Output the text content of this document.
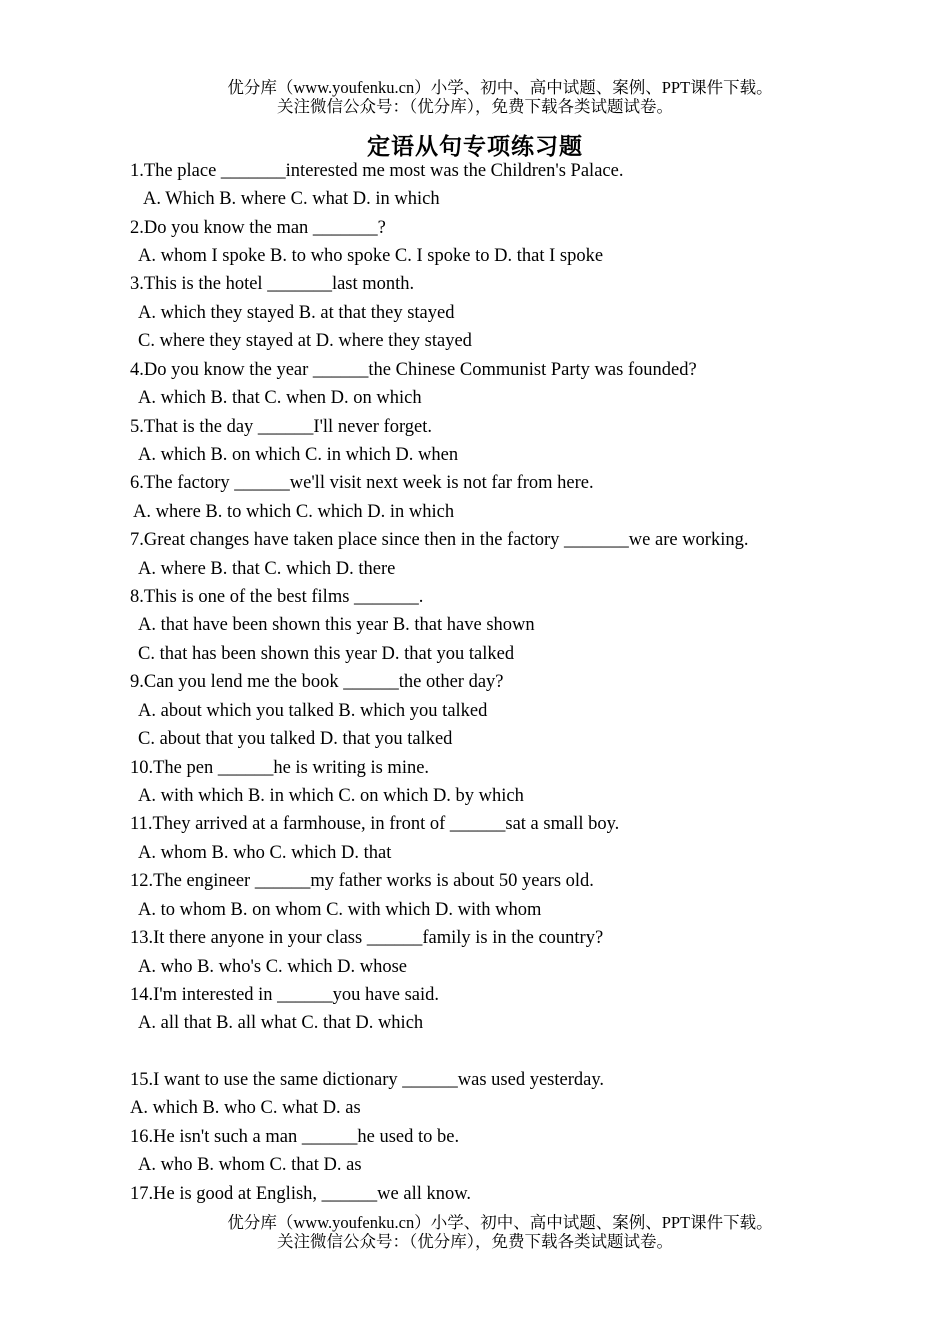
优分库（www.youfenku.cn）小学、初中、高中试题、案例、PPT课件下载。
关注微信公众号：（优分库），免费下载各类试题试卷。
定语从句专项练习题
1.The place _______interested me most was the Children's Palace.
A. Which B. where C. what D. in which
2.Do you know the man _______?
A. whom I spoke B. to who spoke C. I spoke to D. that I spoke
3.This is the hotel _______last month.
A. which they stayed B. at that they stayed
C. where they stayed at D. where they stayed
4.Do you know the year ______the Chinese Communist Party was founded?
A. which B. that C. when D. on which
5.That is the day ______I'll never forget.
A. which B. on which C. in which D. when
6.The factory ______we'll visit next week is not far from here.
A. where B. to which C. which D. in which
7.Great changes have taken place since then in the factory _______we are working.
A. where B. that C. which D. there
8.This is one of the best films _______.
A. that have been shown this year B. that have shown
C. that has been shown this year D. that you talked
9.Can you lend me the book ______the other day?
A. about which you talked B. which you talked
C. about that you talked D. that you talked
10.The pen ______he is writing is mine.
A. with which B. in which C. on which D. by which
11.They arrived at a farmhouse, in front of ______sat a small boy.
A. whom B. who C. which D. that
12.The engineer ______my father works is about 50 years old.
A. to whom B. on whom C. with which D. with whom
13.It there anyone in your class ______family is in the country?
A. who B. who's C. which D. whose
14.I'm interested in ______you have said.
A. all that B. all what C. that D. which
15.I want to use the same dictionary ______was used yesterday.
A. which B. who C. what D. as
16.He isn't such a man ______he used to be.
A. who B. whom C. that D. as
17.He is good at English, ______we all know.
优分库（www.youfenku.cn）小学、初中、高中试题、案例、PPT课件下载。
关注微信公众号：（优分库），免费下载各类试题试卷。
